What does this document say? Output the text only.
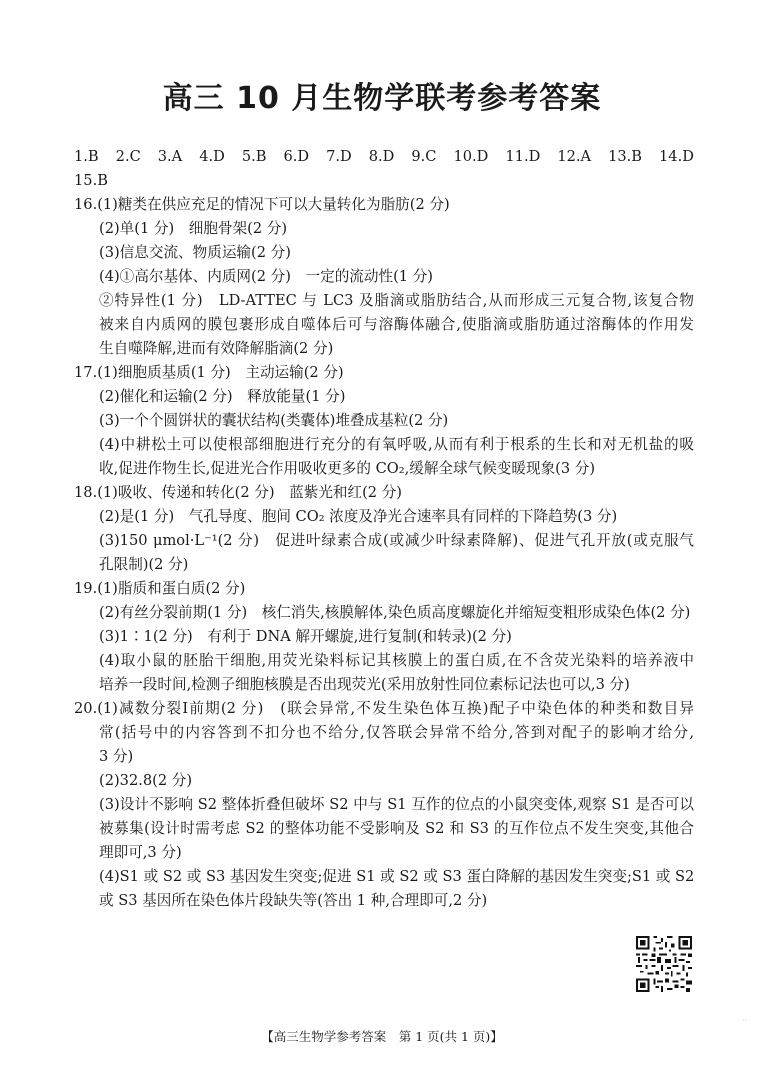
高三 10 月生物学联考参考答案
1.B 2.C 3.A 4.D 5.B 6.D 7.D 8.D 9.C 10.D 11.D 12.A 13.B 14.D
15.B
16.(1)糖类在供应充足的情况下可以大量转化为脂肪(2 分)
(2)单(1 分)　细胞骨架(2 分)
(3)信息交流、物质运输(2 分)
(4)①高尔基体、内质网(2 分)　一定的流动性(1 分)
②特异性(1 分)　LD-ATTEC 与 LC3 及脂滴或脂肪结合,从而形成三元复合物,该复合物
被来自内质网的膜包裹形成自噬体后可与溶酶体融合,使脂滴或脂肪通过溶酶体的作用发
生自噬降解,进而有效降解脂滴(2 分)
17.(1)细胞质基质(1 分)　主动运输(2 分)
(2)催化和运输(2 分)　释放能量(1 分)
(3)一个个圆饼状的囊状结构(类囊体)堆叠成基粒(2 分)
(4)中耕松土可以使根部细胞进行充分的有氧呼吸,从而有利于根系的生长和对无机盐的吸
收,促进作物生长,促进光合作用吸收更多的 CO₂,缓解全球气候变暖现象(3 分)
18.(1)吸收、传递和转化(2 分)　蓝紫光和红(2 分)
(2)是(1 分)　气孔导度、胞间 CO₂ 浓度及净光合速率具有同样的下降趋势(3 分)
(3)150 μmol·L⁻¹(2 分)　促进叶绿素合成(或减少叶绿素降解)、促进气孔开放(或克服气
孔限制)(2 分)
19.(1)脂质和蛋白质(2 分)
(2)有丝分裂前期(1 分)　核仁消失,核膜解体,染色质高度螺旋化并缩短变粗形成染色体(2 分)
(3)1∶1(2 分)　有利于 DNA 解开螺旋,进行复制(和转录)(2 分)
(4)取小鼠的胚胎干细胞,用荧光染料标记其核膜上的蛋白质,在不含荧光染料的培养液中
培养一段时间,检测子细胞核膜是否出现荧光(采用放射性同位素标记法也可以,3 分)
20.(1)减数分裂Ⅰ前期(2 分)　(联会异常,不发生染色体互换)配子中染色体的种类和数目异
常(括号中的内容答到不扣分也不给分,仅答联会异常不给分,答到对配子的影响才给分,
3 分)
(2)32.8(2 分)
(3)设计不影响 S2 整体折叠但破坏 S2 中与 S1 互作的位点的小鼠突变体,观察 S1 是否可以
被募集(设计时需考虑 S2 的整体功能不受影响及 S2 和 S3 的互作位点不发生突变,其他合
理即可,3 分)
(4)S1 或 S2 或 S3 基因发生突变;促进 S1 或 S2 或 S3 蛋白降解的基因发生突变;S1 或 S2
或 S3 基因所在染色体片段缺失等(答出 1 种,合理即可,2 分)
【高三生物学参考答案　第 1 页(共 1 页)】
··
